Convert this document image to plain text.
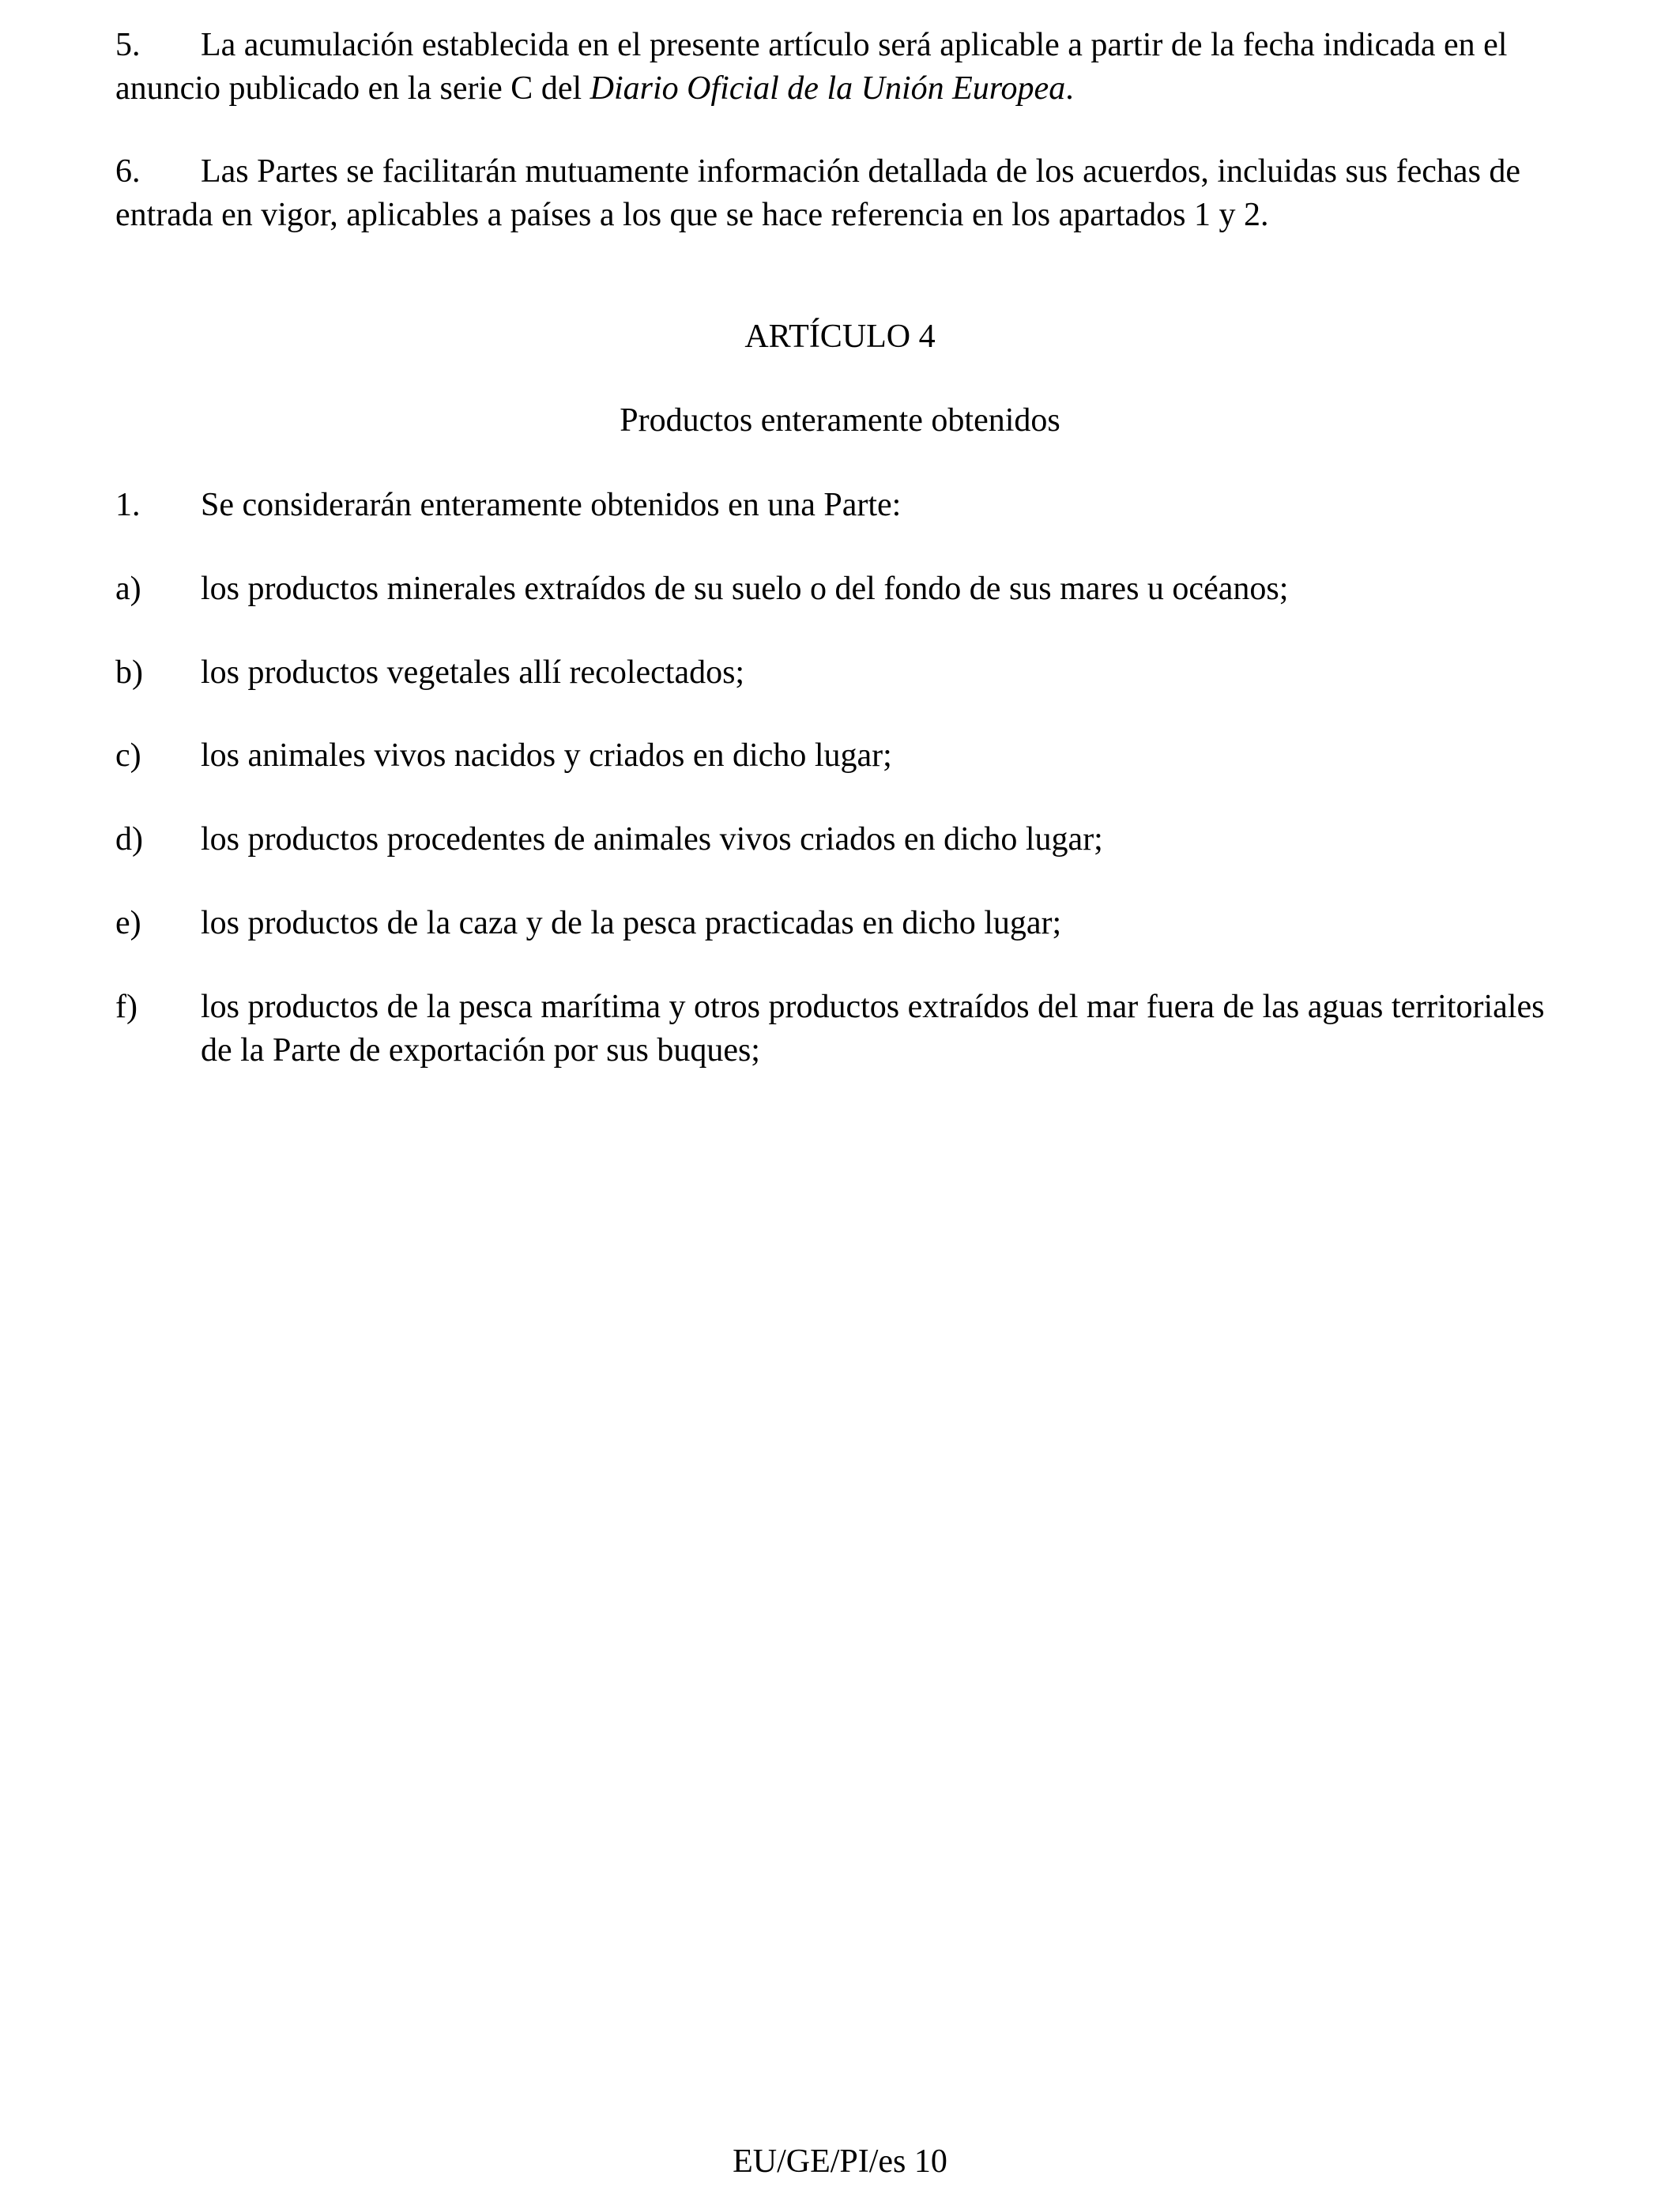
5. La acumulación establecida en el presente artículo será aplicable a partir de la fecha indicada en el anuncio publicado en la serie C del Diario Oficial de la Unión Europea.

6. Las Partes se facilitarán mutuamente información detallada de los acuerdos, incluidas sus fechas de entrada en vigor, aplicables a países a los que se hace referencia en los apartados 1 y 2.

ARTÍCULO 4

Productos enteramente obtenidos

1.	Se considerarán enteramente obtenidos en una Parte:
a)	los productos minerales extraídos de su suelo o del fondo de sus mares u océanos;
b)	los productos vegetales allí recolectados;
c)	los animales vivos nacidos y criados en dicho lugar;
d)	los productos procedentes de animales vivos criados en dicho lugar;
e)	los productos de la caza y de la pesca practicadas en dicho lugar;
f)	los productos de la pesca marítima y otros productos extraídos del mar fuera de las aguas territoriales de la Parte de exportación por sus buques;

EU/GE/PI/es 10
